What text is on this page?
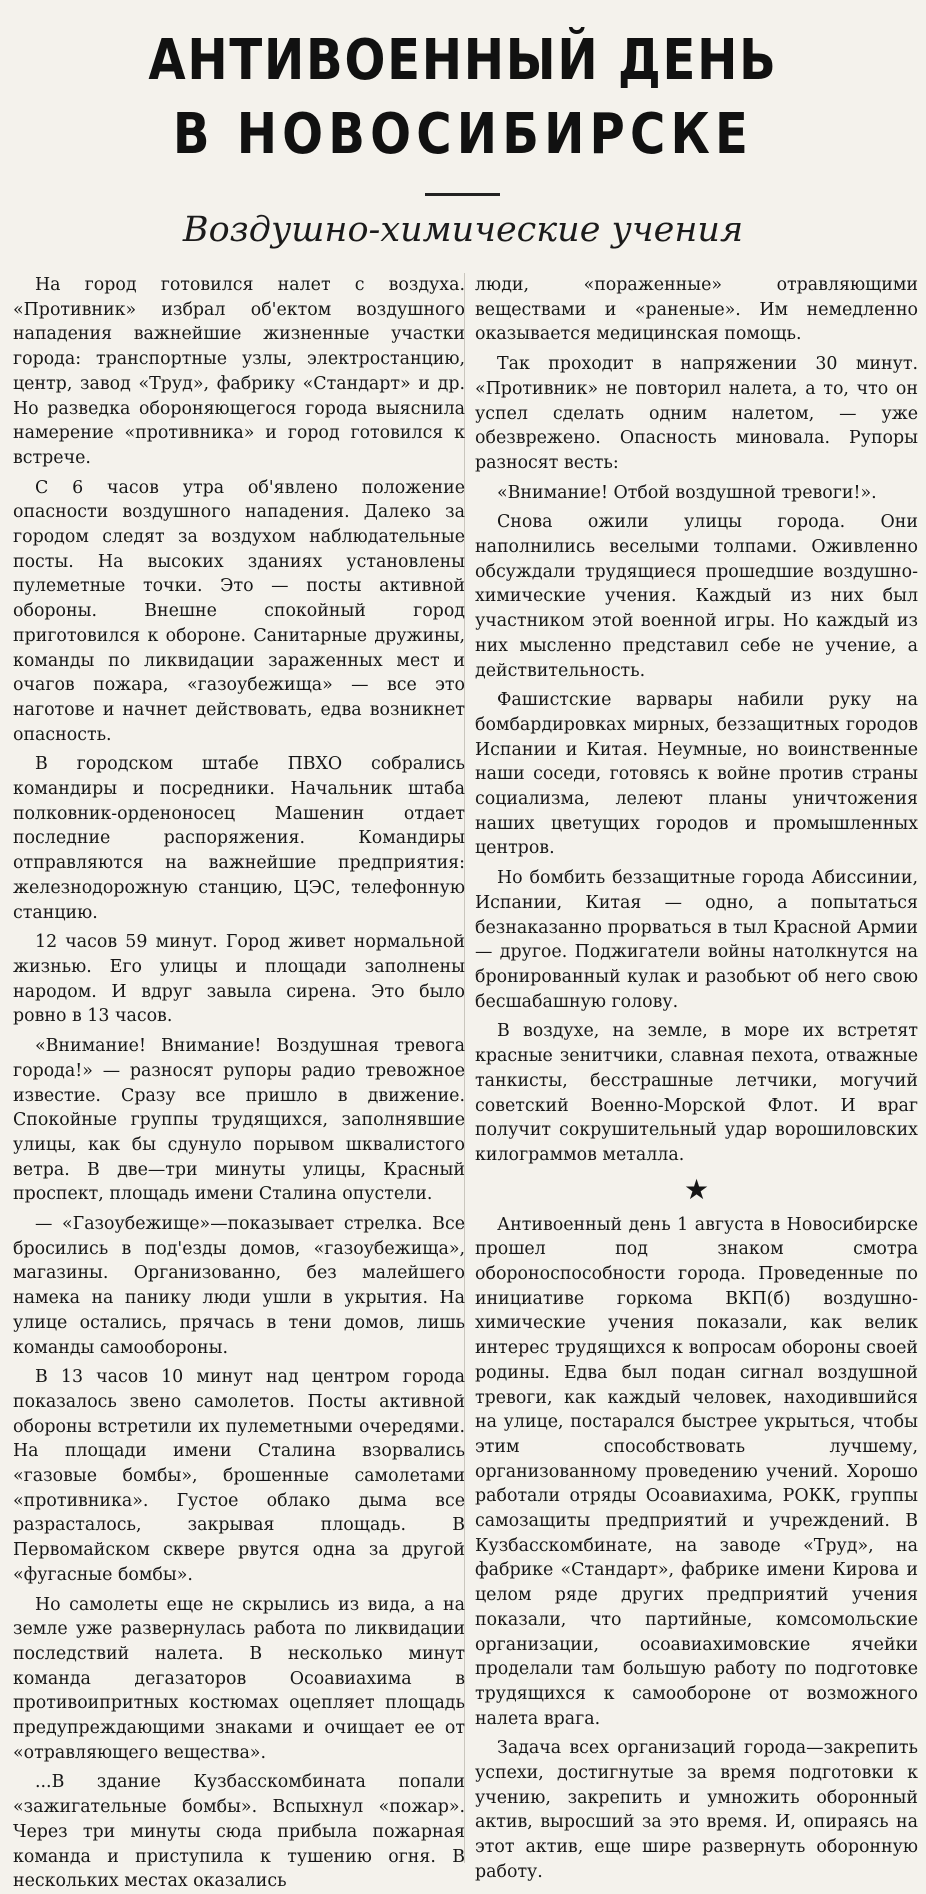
АНТИВОЕННЫЙ ДЕНЬ
В НОВОСИБИРСКЕ
Воздушно-химические учения

На город готовился налет с воздуха. «Противник» избрал об'ектом воздушного нападения важнейшие жизненные участки города: транспортные узлы, электростанцию, центр, завод «Труд», фабрику «Стандарт» и др. Но разведка обороняющегося города выяснила намерение «противника» и город готовился к встрече.

С 6 часов утра об'явлено положение опасности воздушного нападения. Далеко за городом следят за воздухом наблюдательные посты. На высоких зданиях установлены пулеметные точки. Это — посты активной обороны. Внешне спокойный город приготовился к обороне. Санитарные дружины, команды по ликвидации зараженных мест и очагов пожара, «газоубежища» — все это наготове и начнет действовать, едва возникнет опасность.

В городском штабе ПВХО собрались командиры и посредники. Начальник штаба полковник-орденоносец Машенин отдает последние распоряжения. Командиры отправляются на важнейшие предприятия: железнодорожную станцию, ЦЭС, телефонную станцию.

12 часов 59 минут. Город живет нормальной жизнью. Его улицы и площади заполнены народом. И вдруг завыла сирена. Это было ровно в 13 часов.

«Внимание! Внимание! Воздушная тревога города!» — разносят рупоры радио тревожное известие. Сразу все пришло в движение. Спокойные группы трудящихся, заполнявшие улицы, как бы сдунуло порывом шквалистого ветра. В две—три минуты улицы, Красный проспект, площадь имени Сталина опустели.

— «Газоубежище»—показывает стрелка. Все бросились в под'езды домов, «газоубежища», магазины. Организованно, без малейшего намека на панику люди ушли в укрытия. На улице остались, прячась в тени домов, лишь команды самообороны.

В 13 часов 10 минут над центром города показалось звено самолетов. Посты активной обороны встретили их пулеметными очередями. На площади имени Сталина взорвались «газовые бомбы», брошенные самолетами «противника». Густое облако дыма все разрасталось, закрывая площадь. В Первомайском сквере рвутся одна за другой «фугасные бомбы».

Но самолеты еще не скрылись из вида, а на земле уже развернулась работа по ликвидации последствий налета. В несколько минут команда дегазаторов Осоавиахима в противоипритных костюмах оцепляет площадь предупреждающими знаками и очищает ее от «отравляющего вещества».

...В здание Кузбасскомбината попали «зажигательные бомбы». Вспыхнул «пожар». Через три минуты сюда прибыла пожарная команда и приступила к тушению огня. В нескольких местах оказались

люди, «пораженные» отравляющими веществами и «раненые». Им немедленно оказывается медицинская помощь.

Так проходит в напряжении 30 минут. «Противник» не повторил налета, а то, что он успел сделать одним налетом, — уже обезврежено. Опасность миновала. Рупоры разносят весть:

«Внимание! Отбой воздушной тревоги!».

Снова ожили улицы города. Они наполнились веселыми толпами. Оживленно обсуждали трудящиеся прошедшие воздушно-химические учения. Каждый из них был участником этой военной игры. Но каждый из них мысленно представил себе не учение, а действительность.

Фашистские варвары набили руку на бомбардировках мирных, беззащитных городов Испании и Китая. Неумные, но воинственные наши соседи, готовясь к войне против страны социализма, лелеют планы уничтожения наших цветущих городов и промышленных центров.

Но бомбить беззащитные города Абиссинии, Испании, Китая — одно, а попытаться безнаказанно прорваться в тыл Красной Армии — другое. Поджигатели войны натолкнутся на бронированный кулак и разобьют об него свою бесшабашную голову.

В воздухе, на земле, в море их встретят красные зенитчики, славная пехота, отважные танкисты, бесстрашные летчики, могучий советский Военно-Морской Флот. И враг получит сокрушительный удар ворошиловских килограммов металла.

★

Антивоенный день 1 августа в Новосибирске прошел под знаком смотра обороноспособности города. Проведенные по инициативе горкома ВКП(б) воздушно-химические учения показали, как велик интерес трудящихся к вопросам обороны своей родины. Едва был подан сигнал воздушной тревоги, как каждый человек, находившийся на улице, постарался быстрее укрыться, чтобы этим способствовать лучшему, организованному проведению учений. Хорошо работали отряды Осоавиахима, РОКК, группы самозащиты предприятий и учреждений. В Кузбасскомбинате, на заводе «Труд», на фабрике «Стандарт», фабрике имени Кирова и целом ряде других предприятий учения показали, что партийные, комсомольские организации, осоавиахимовские ячейки проделали там большую работу по подготовке трудящихся к самообороне от возможного налета врага.

Задача всех организаций города—закрепить успехи, достигнутые за время подготовки к учению, закрепить и умножить оборонный актив, выросший за это время. И, опираясь на этот актив, еще шире развернуть оборонную работу.
